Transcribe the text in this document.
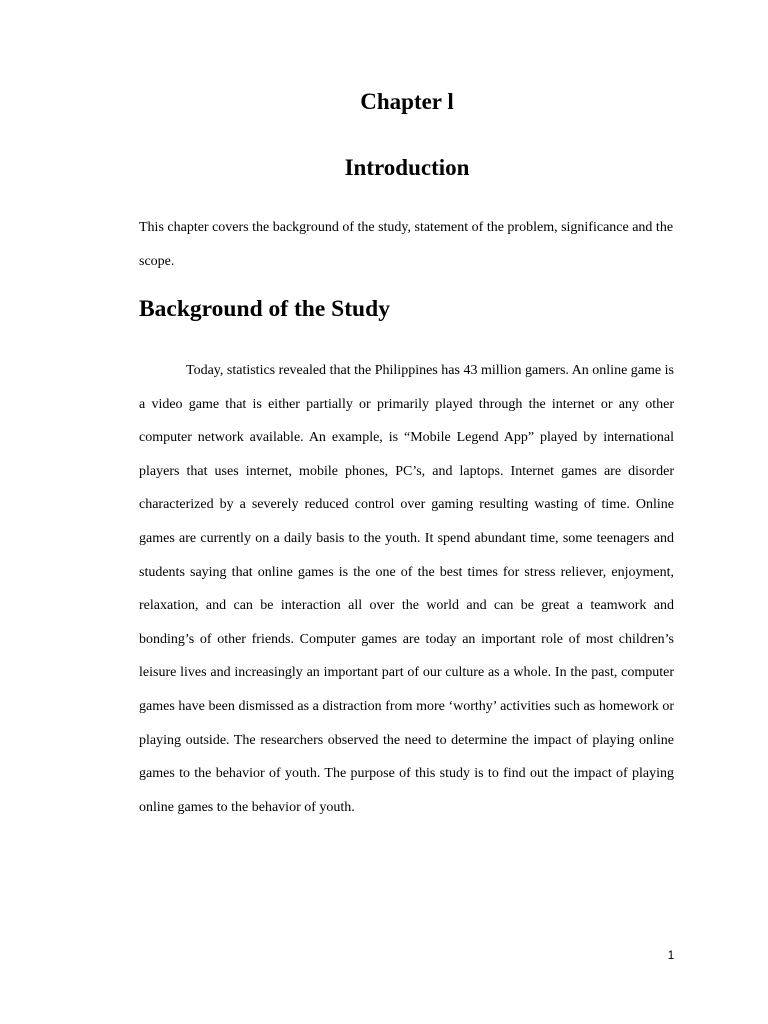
Chapter l
Introduction

This chapter covers the background of the study, statement of the problem, significance and the scope.

Background of the Study

Today, statistics revealed that the Philippines has 43 million gamers. An online game is a video game that is either partially or primarily played through the internet or any other computer network available. An example, is “Mobile Legend App” played by international players that uses internet, mobile phones, PC’s, and laptops. Internet games are disorder characterized by a severely reduced control over gaming resulting wasting of time. Online games are currently on a daily basis to the youth. It spend abundant time, some teenagers and students saying that online games is the one of the best times for stress reliever, enjoyment, relaxation, and can be interaction all over the world and can be great a teamwork and bonding’s of other friends. Computer games are today an important role of most children’s leisure lives and increasingly an important part of our culture as a whole. In the past, computer games have been dismissed as a distraction from more ‘worthy’ activities such as homework or playing outside. The researchers observed the need to determine the impact of playing online games to the behavior of youth. The purpose of this study is to find out the impact of playing online games to the behavior of youth.

1
